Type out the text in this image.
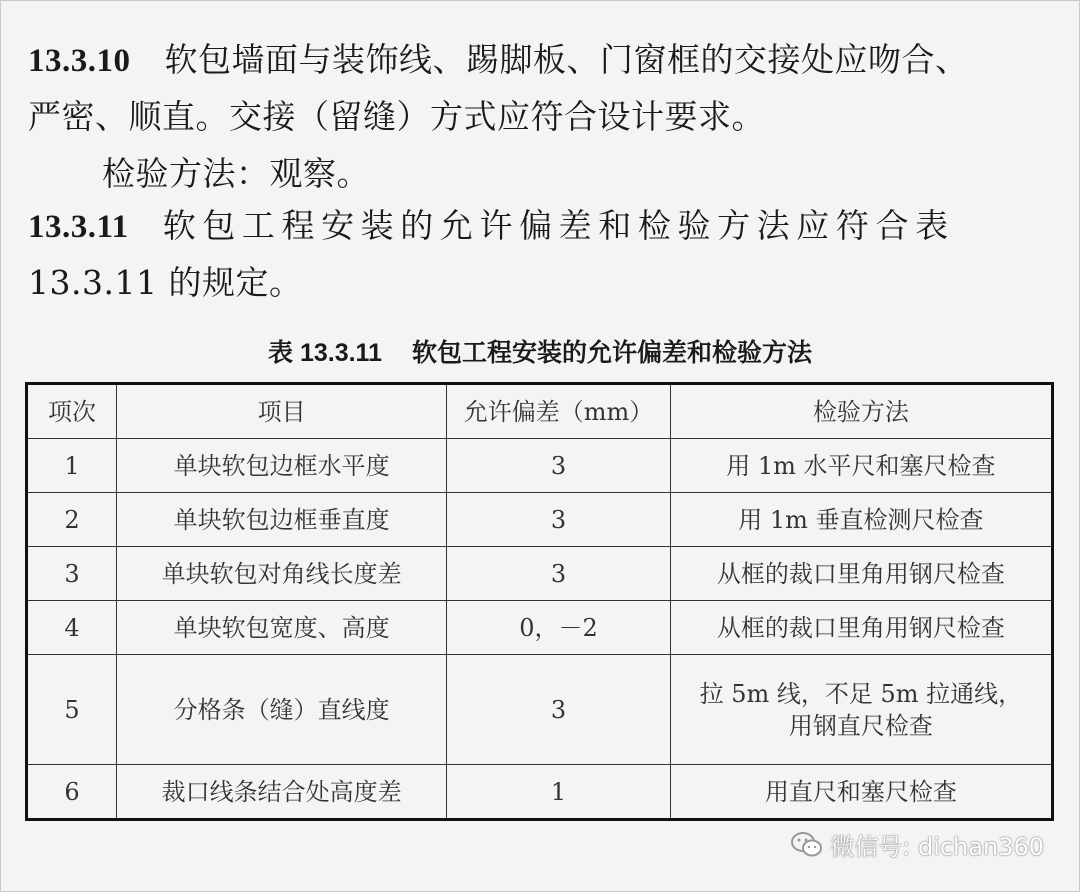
13.3.10 软包墙面与装饰线、踢脚板、门窗框的交接处应吻合、
严密、顺直。交接（留缝）方式应符合设计要求。
检验方法：观察。
13.3.11 软包工程安装的允许偏差和检验方法应符合表
13.3.11 的规定。
表 13.3.11 软包工程安装的允许偏差和检验方法
项次	项目	允许偏差（mm）	检验方法
1	单块软包边框水平度	3	用 1m 水平尺和塞尺检查
2	单块软包边框垂直度	3	用 1m 垂直检测尺检查
3	单块软包对角线长度差	3	从框的裁口里角用钢尺检查
4	单块软包宽度、高度	0，－2	从框的裁口里角用钢尺检查
5	分格条（缝）直线度	3	拉 5m 线，不足 5m 拉通线，
用钢直尺检查

6	裁口线条结合处高度差	1	用直尺和塞尺检查
微信号: dichan360
